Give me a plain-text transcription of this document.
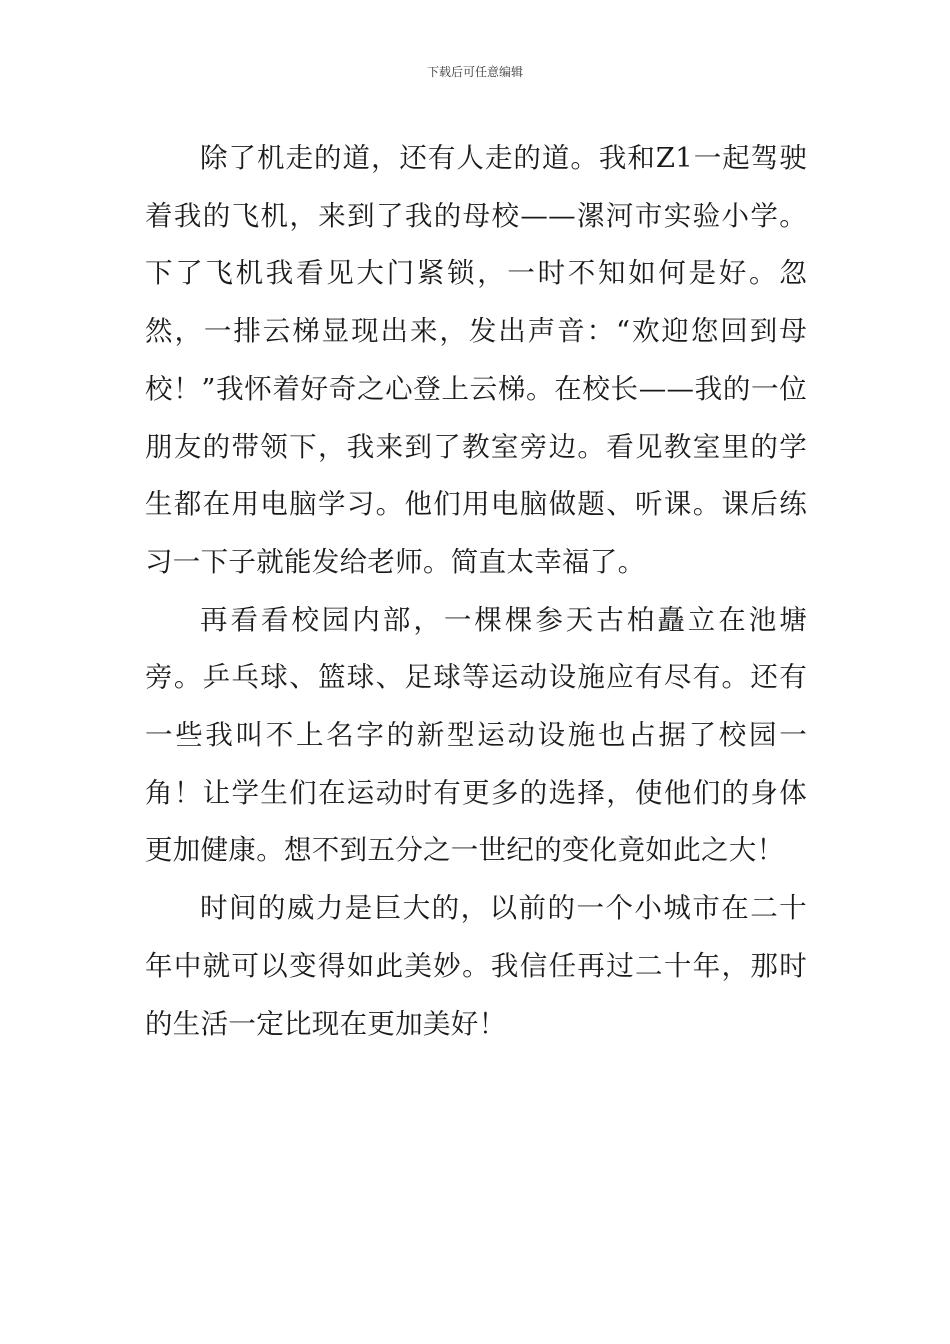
下载后可任意编辑

除了机走的道，还有人走的道。我和Z1一起驾驶着我的飞机，来到了我的母校——漯河市实验小学。下了飞机我看见大门紧锁，一时不知如何是好。忽然，一排云梯显现出来，发出声音：“欢迎您回到母校！”我怀着好奇之心登上云梯。在校长——我的一位朋友的带领下，我来到了教室旁边。看见教室里的学生都在用电脑学习。他们用电脑做题、听课。课后练习一下子就能发给老师。简直太幸福了。

再看看校园内部，一棵棵参天古柏矗立在池塘旁。乒乓球、篮球、足球等运动设施应有尽有。还有一些我叫不上名字的新型运动设施也占据了校园一角！让学生们在运动时有更多的选择，使他们的身体更加健康。想不到五分之一世纪的变化竟如此之大！

时间的威力是巨大的，以前的一个小城市在二十年中就可以变得如此美妙。我信任再过二十年，那时的生活一定比现在更加美好！
